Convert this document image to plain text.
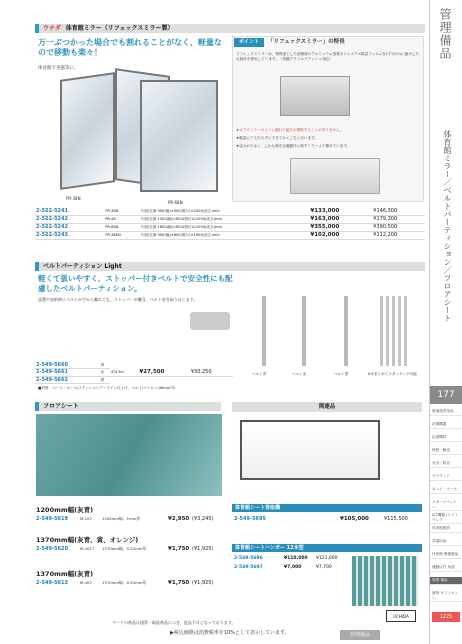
管理備品
体育館ミラー／ベルトパーティション／フロアシート
177
環境改善用品
計測機器
応援機材
保管・輸送
安全・防災
グラウンド
ネット・ゴール
スポーツマットへ
ICT機器 /ソフトウェア
体育館施設
武道用品
体育館 関連備品
運動以外 用品
管理 備品
進物 ギフトセット
ウチダ 体育館ミラー（リフェックスミラー製）
万一ぶつかった場合でも割れることがなく、軽量なので移動も楽々！
体育館で実施等に。
PR-38N
PR-68N
ポイント	「リフェックスミラー」の特長
リフェックスミラーは、特殊加工した高精度のアルミニウム蒸着ポリエステル軽量フィルムを1千分の1に縮小した反射体を使用しています。（美観アクリルブラッシュ対応）
★ガラスミラーのように割れて破片が飛散することがありません。
★軽量にてもたたずにできてかくこちら行います。
★歪みが少なく、しかも像を正確動作に映すミラーより優れています。
2-522-5241	PR-38N	片面/全面 900(幅)×900(奥行)×2000(高さ)mm	¥133,000	¥146,300
2-522-5242	PR-48	片面/全面 1000(幅)×600(奥行)×2000(高さ)mm	¥163,000	¥179,300
2-522-5242	PR-68N	片面/全面 1800(幅)×600(奥行)×2000(高さ)mm	¥355,000	¥390,500
2-522-5243	PR-38KN	片面/全面 900(幅)×600(奥行)×1900(高さ)mm	¥102,000	¥112,200
ベルトパーティション Light
軽くて扱いやすく、ストッパー付きベルトで安全性にも配慮したベルトパーティション。
設置や収納時にベルトが手から離れても、ストッパーが働き、ベルト巻き取りほします。
ベルト青	ベルト赤	ベルト黒	6本まとめてスタッキング可能
2-549-5660	青			
2-549-5661	赤	約3.3m	¥27,500	¥30,250
2-549-5662	黒			
■材質：ベース・ポール/ステンレスヘアーライン仕上げ、ベルト/ナイロン(48mm巾)
フロアシート
1200mm幅(灰青)
2-549-5619	M-107	1200mm幅、1mm厚	¥2,950 (¥3,245)
1370mm幅(灰青、黄、オレンジ)
2-549-5620	M-4017 1370mm幅、0.52mm厚	¥1,750 (¥1,925)
1370mm幅(灰青)
2-549-5613	M-407	1370mm幅、0.52mm厚	¥1,750 (¥1,925)
関連品
体育館シート巻取機
2-549-5695	¥105,000	¥115,500
体育館シートハンガー 12本型
2-549-5696	¥110,000 ¥121,000
2-549-5697	¥7,000	¥7,700
マークの商品は通常・取扱商品につき、返品不可となっております。
▶税込価格は消費税率を10%として表示しています。	管理備品
UCHIDA	1225
